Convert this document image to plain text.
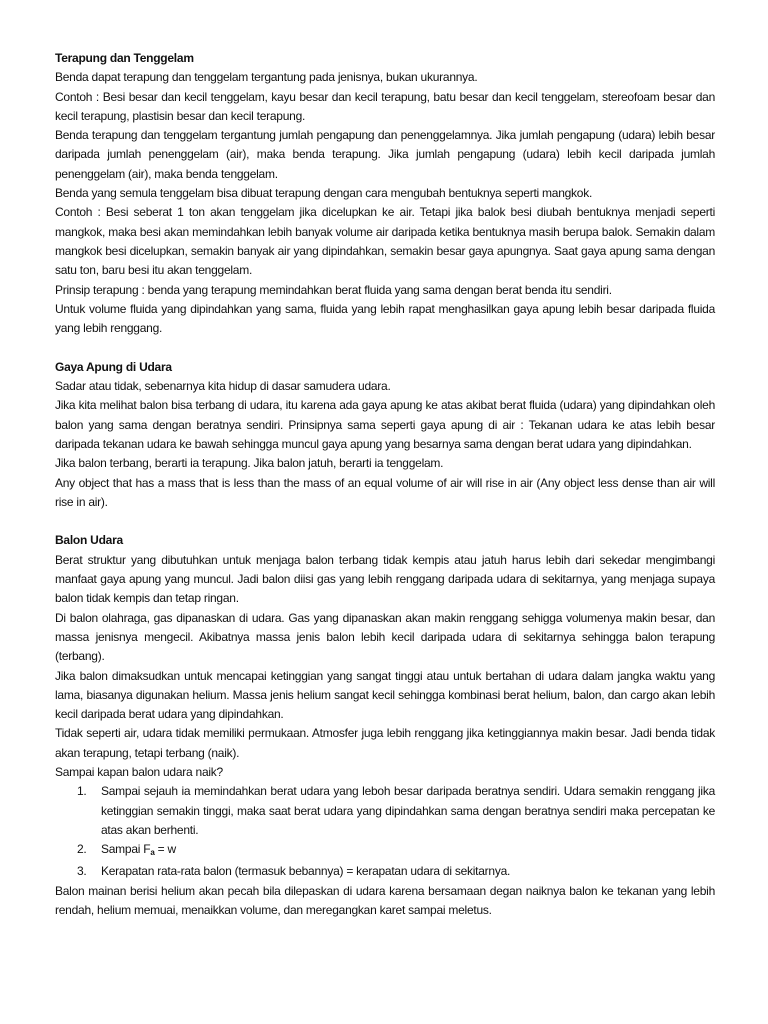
Terapung dan Tenggelam

Benda dapat terapung dan tenggelam tergantung pada jenisnya, bukan ukurannya.

Contoh : Besi besar dan kecil tenggelam, kayu besar dan kecil terapung, batu besar dan kecil tenggelam, stereofoam besar dan kecil terapung, plastisin besar dan kecil terapung.

Benda terapung dan tenggelam tergantung jumlah pengapung dan penenggelamnya. Jika jumlah pengapung (udara) lebih besar daripada jumlah penenggelam (air), maka benda terapung. Jika jumlah pengapung (udara) lebih kecil daripada jumlah penenggelam (air), maka benda tenggelam.

Benda yang semula tenggelam bisa dibuat terapung dengan cara mengubah bentuknya seperti mangkok.

Contoh : Besi seberat 1 ton akan tenggelam jika dicelupkan ke air. Tetapi jika balok besi diubah bentuknya menjadi seperti mangkok, maka besi akan memindahkan lebih banyak volume air daripada ketika bentuknya masih berupa balok. Semakin dalam mangkok besi dicelupkan, semakin banyak air yang dipindahkan, semakin besar gaya apungnya. Saat gaya apung sama dengan satu ton, baru besi itu akan tenggelam.

Prinsip terapung : benda yang terapung memindahkan berat fluida yang sama dengan berat benda itu sendiri.

Untuk volume fluida yang dipindahkan yang sama, fluida yang lebih rapat menghasilkan gaya apung lebih besar daripada fluida yang lebih renggang.

Gaya Apung di Udara

Sadar atau tidak, sebenarnya kita hidup di dasar samudera udara.

Jika kita melihat balon bisa terbang di udara, itu karena ada gaya apung ke atas akibat berat fluida (udara) yang dipindahkan oleh balon yang sama dengan beratnya sendiri. Prinsipnya sama seperti gaya apung di air : Tekanan udara ke atas lebih besar daripada tekanan udara ke bawah sehingga muncul gaya apung yang besarnya sama dengan berat udara yang dipindahkan.

Jika balon terbang, berarti ia terapung. Jika balon jatuh, berarti ia tenggelam.

Any object that has a mass that is less than the mass of an equal volume of air will rise in air (Any object less dense than air will rise in air).

Balon Udara

Berat struktur yang dibutuhkan untuk menjaga balon terbang tidak kempis atau jatuh harus lebih dari sekedar mengimbangi manfaat gaya apung yang muncul. Jadi balon diisi gas yang lebih renggang daripada udara di sekitarnya, yang menjaga supaya balon tidak kempis dan tetap ringan.

Di balon olahraga, gas dipanaskan di udara. Gas yang dipanaskan akan makin renggang sehigga volumenya makin besar, dan massa jenisnya mengecil. Akibatnya massa jenis balon lebih kecil daripada udara di sekitarnya sehingga balon terapung (terbang).

Jika balon dimaksudkan untuk mencapai ketinggian yang sangat tinggi atau untuk bertahan di udara dalam jangka waktu yang lama, biasanya digunakan helium. Massa jenis helium sangat kecil sehingga kombinasi berat helium, balon, dan cargo akan lebih kecil daripada berat udara yang dipindahkan.

Tidak seperti air, udara tidak memiliki permukaan. Atmosfer juga lebih renggang jika ketinggiannya makin besar. Jadi benda tidak akan terapung, tetapi terbang (naik).

Sampai kapan balon udara naik?

1. Sampai sejauh ia memindahkan berat udara yang leboh besar daripada beratnya sendiri. Udara semakin renggang jika ketinggian semakin tinggi, maka saat berat udara yang dipindahkan sama dengan beratnya sendiri maka percepatan ke atas akan berhenti.
2. Sampai $F_a = w$
3. Kerapatan rata-rata balon (termasuk bebannya) = kerapatan udara di sekitarnya.

Balon mainan berisi helium akan pecah bila dilepaskan di udara karena bersamaan degan naiknya balon ke tekanan yang lebih rendah, helium memuai, menaikkan volume, dan meregangkan karet sampai meletus.
